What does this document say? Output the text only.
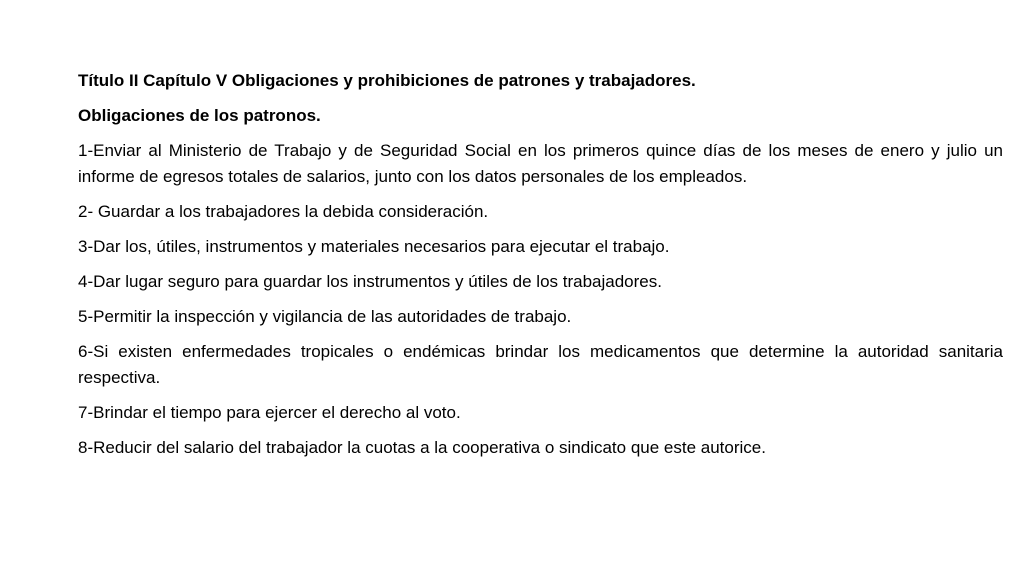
Título II Capítulo V Obligaciones y prohibiciones de patrones y trabajadores.

Obligaciones de los patronos.

1-Enviar al Ministerio de Trabajo y de Seguridad Social en los primeros quince días de los meses de enero y julio un informe de egresos totales de salarios, junto con los datos personales de los empleados.

2- Guardar a los trabajadores la debida consideración.

3-Dar los, útiles, instrumentos y materiales necesarios para ejecutar el trabajo.

4-Dar lugar seguro para guardar los instrumentos y útiles de los trabajadores.

5-Permitir la inspección y vigilancia de las autoridades de trabajo.

6-Si existen enfermedades tropicales o endémicas brindar los medicamentos que determine la autoridad sanitaria respectiva.

7-Brindar el tiempo para ejercer el derecho al voto.

8-Reducir del salario del trabajador la cuotas a la cooperativa o sindicato que este autorice.
